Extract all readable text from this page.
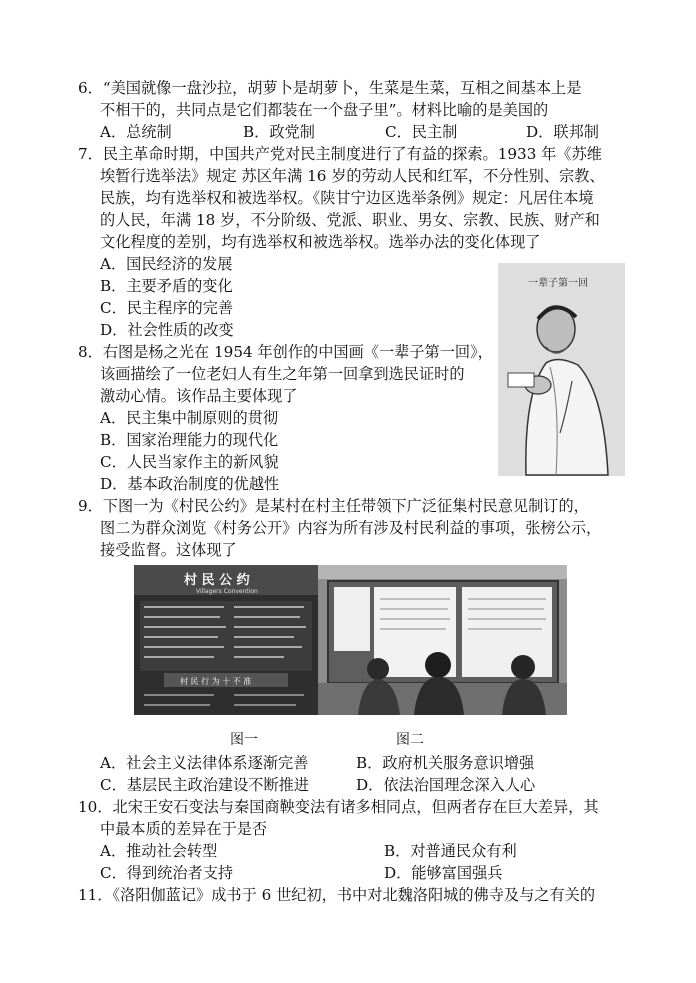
6．“美国就像一盘沙拉，胡萝卜是胡萝卜，生菜是生菜，互相之间基本上是
不相干的，共同点是它们都装在一个盘子里”。材料比喻的是美国的
A．总统制	B．政党制	C．民主制	D．联邦制
7．民主革命时期，中国共产党对民主制度进行了有益的探索。1933 年《苏维
埃暂行选举法》规定 苏区年满 16 岁的劳动人民和红军，不分性别、宗教、
民族，均有选举权和被选举权。《陕甘宁边区选举条例》规定：凡居住本境
的人民，年满 18 岁，不分阶级、党派、职业、男女、宗教、民族、财产和
文化程度的差别，均有选举权和被选举权。选举办法的变化体现了
A．国民经济的发展
B．主要矛盾的变化
C．民主程序的完善
D．社会性质的改变
一辈子第一回
8．右图是杨之光在 1954 年创作的中国画《一辈子第一回》，
该画描绘了一位老妇人有生之年第一回拿到选民证时的
激动心情。该作品主要体现了
A．民主集中制原则的贯彻
B．国家治理能力的现代化
C．人民当家作主的新风貌
D．基本政治制度的优越性
9．下图一为《村民公约》是某村在村主任带领下广泛征集村民意见制订的，
图二为群众浏览《村务公开》内容为所有涉及村民利益的事项，张榜公示，
接受监督。这体现了
村 民 公 约
Villagers Convention
村 民 行 为 十 不 准
图一	图二
A．社会主义法律体系逐渐完善	B．政府机关服务意识增强
C．基层民主政治建设不断推进	D．依法治国理念深入人心
10．北宋王安石变法与秦国商鞅变法有诸多相同点，但两者存在巨大差异，其
中最本质的差异在于是否
A．推动社会转型	B．对普通民众有利
C．得到统治者支持	D．能够富国强兵
11．《洛阳伽蓝记》成书于 6 世纪初，书中对北魏洛阳城的佛寺及与之有关的
